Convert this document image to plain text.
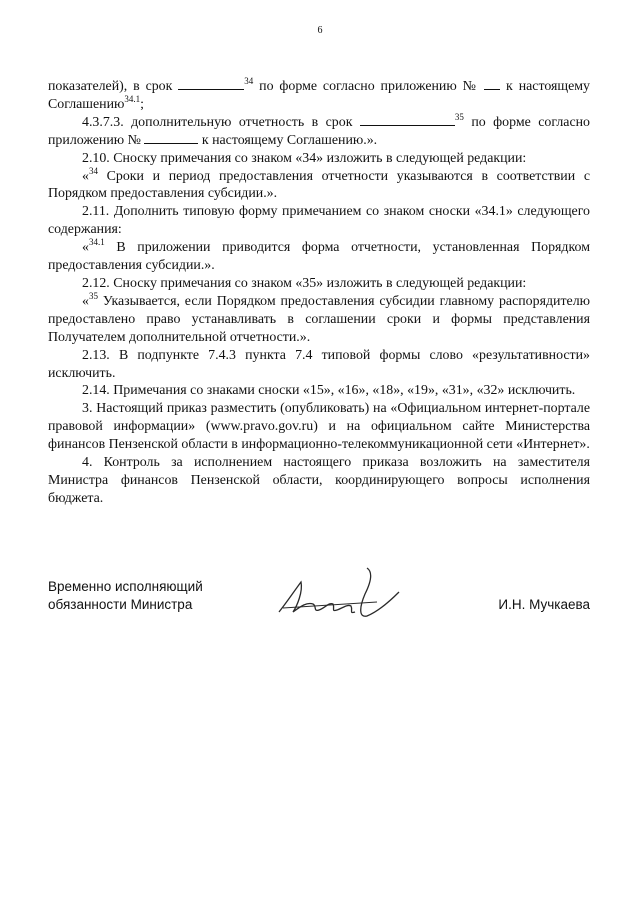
6

показателей), в срок	$^{34}$ по форме согласно приложению №  к настоящему Соглашению$^{34.1}$;

4.3.7.3. дополнительную отчетность в срок	$^{35}$ по форме согласно приложению №	к настоящему Соглашению.».

2.10. Сноску примечания со знаком «34» изложить в следующей редакции:

«$^{34}$ Сроки и период предоставления отчетности указываются в соответствии с Порядком предоставления субсидии.».

2.11. Дополнить типовую форму примечанием со знаком сноски «34.1» следующего содержания:

«$^{34.1}$ В приложении приводится форма отчетности, установленная Порядком предоставления субсидии.».

2.12. Сноску примечания со знаком «35» изложить в следующей редакции:

«$^{35}$ Указывается, если Порядком предоставления субсидии главному распорядителю предоставлено право устанавливать в соглашении сроки и формы представления Получателем дополнительной отчетности.».

2.13. В подпункте 7.4.3 пункта 7.4 типовой формы слово «результативности» исключить.

2.14. Примечания со знаками сноски «15», «16», «18», «19», «31», «32» исключить.

3. Настоящий приказ разместить (опубликовать) на «Официальном интернет-портале правовой информации» (www.pravo.gov.ru) и на официальном сайте Министерства финансов Пензенской области в информационно-телекоммуникационной сети «Интернет».

4. Контроль за исполнением настоящего приказа возложить на заместителя Министра финансов Пензенской области, координирующего вопросы исполнения бюджета.

Временно исполняющий
обязанности Министра	И.Н. Мучкаева
